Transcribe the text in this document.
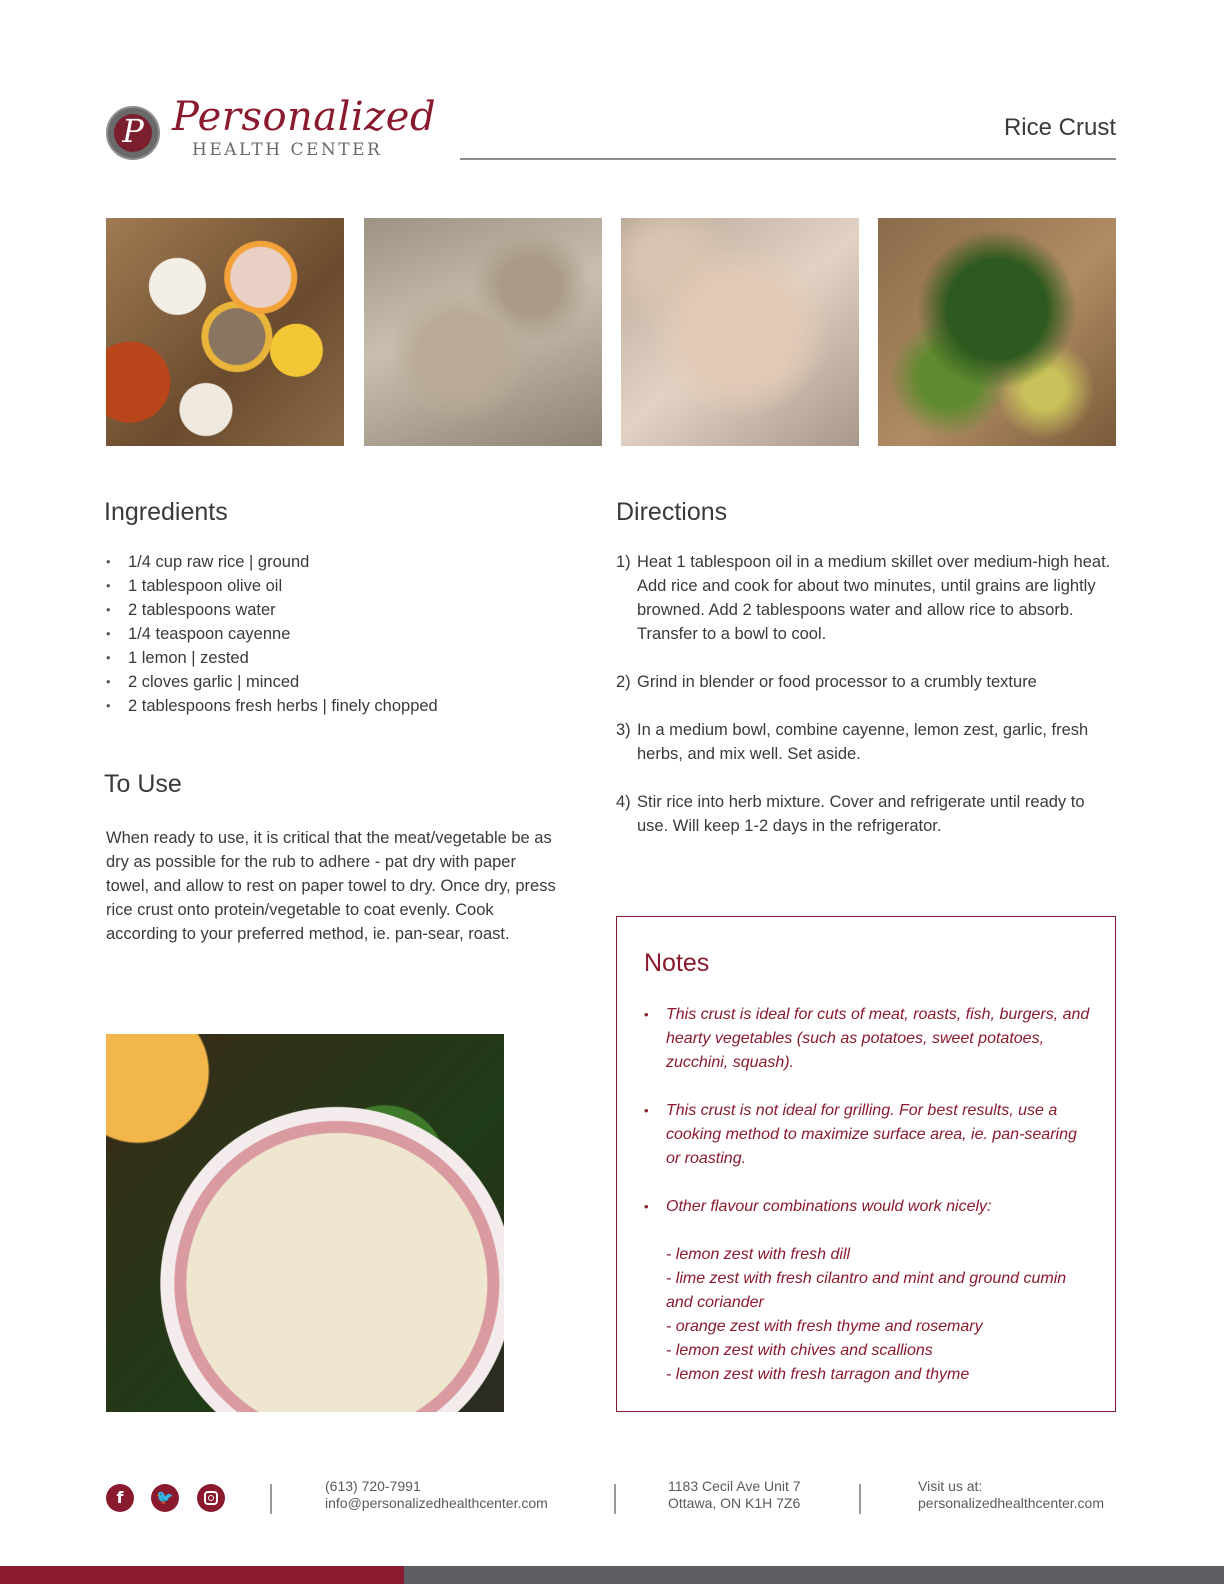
P Personalized
HEALTH CENTER
Rice Crust
Ingredients
• 1/4 cup raw rice | ground
• 1 tablespoon olive oil
• 2 tablespoons water
• 1/4 teaspoon cayenne
• 1 lemon | zested
• 2 cloves garlic | minced
• 2 tablespoons fresh herbs | finely chopped
To Use
When ready to use, it is critical that the meat/vegetable be as dry as possible for the rub to adhere - pat dry with paper towel, and allow to rest on paper towel to dry. Once dry, press rice crust onto protein/vegetable to coat evenly. Cook according to your preferred method, ie. pan-sear, roast.
Directions
1) Heat 1 tablespoon oil in a medium skillet over medium-high heat. Add rice and cook for about two minutes, until grains are lightly browned. Add 2 tablespoons water and allow rice to absorb. Transfer to a bowl to cool.
2) Grind in blender or food processor to a crumbly texture
3) In a medium bowl, combine cayenne, lemon zest, garlic, fresh herbs, and mix well. Set aside.
4) Stir rice into herb mixture. Cover and refrigerate until ready to use. Will keep 1-2 days in the refrigerator.
Notes
• This crust is ideal for cuts of meat, roasts, fish, burgers, and hearty vegetables (such as potatoes, sweet potatoes, zucchini, squash).
• This crust is not ideal for grilling. For best results, use a cooking method to maximize surface area, ie. pan-searing or roasting.
• Other flavour combinations would work nicely:
- lemon zest with fresh dill
- lime zest with fresh cilantro and mint and ground cumin and coriander
- orange zest with fresh thyme and rosemary
- lemon zest with chives and scallions
- lemon zest with fresh tarragon and thyme
f	🐦
(613) 720-7991
info@personalizedhealthcenter.com
1183 Cecil Ave Unit 7
Ottawa, ON K1H 7Z6
Visit us at:
personalizedhealthcenter.com
